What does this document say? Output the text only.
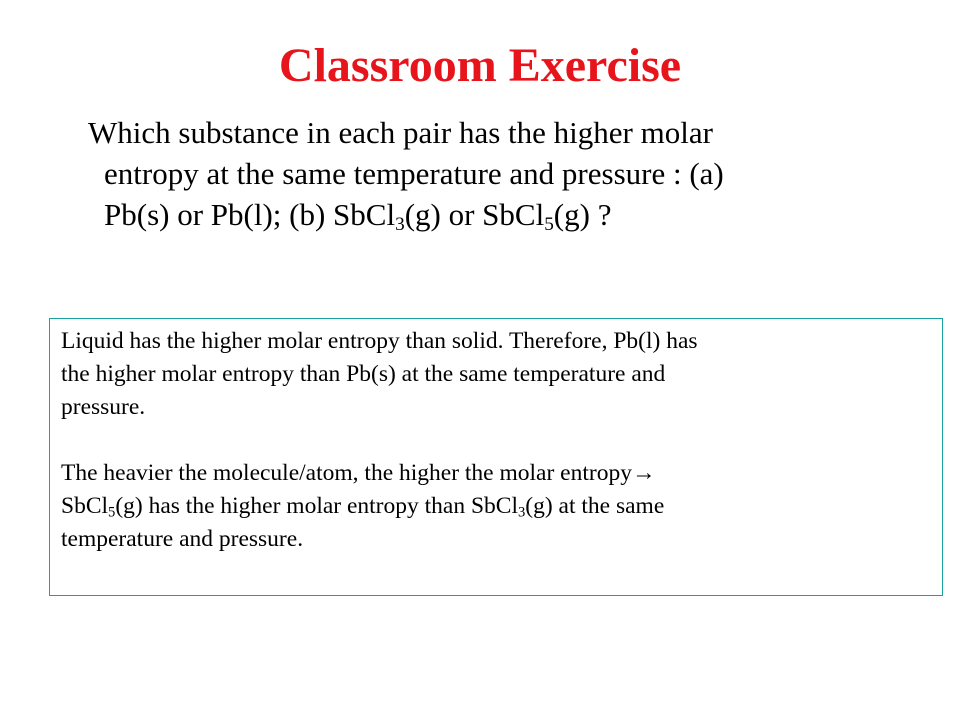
Classroom Exercise
Which substance in each pair has the higher molar
entropy at the same temperature and pressure : (a)
Pb(s) or Pb(l); (b) SbCl$_3$(g) or SbCl$_5$(g) ?
Liquid has the higher molar entropy than solid. Therefore, Pb(l) has
the higher molar entropy than Pb(s) at the same temperature and
pressure.
The heavier the molecule/atom, the higher the molar entropy→
SbCl$_5$(g) has the higher molar entropy than SbCl$_3$(g) at the same
temperature and pressure.
